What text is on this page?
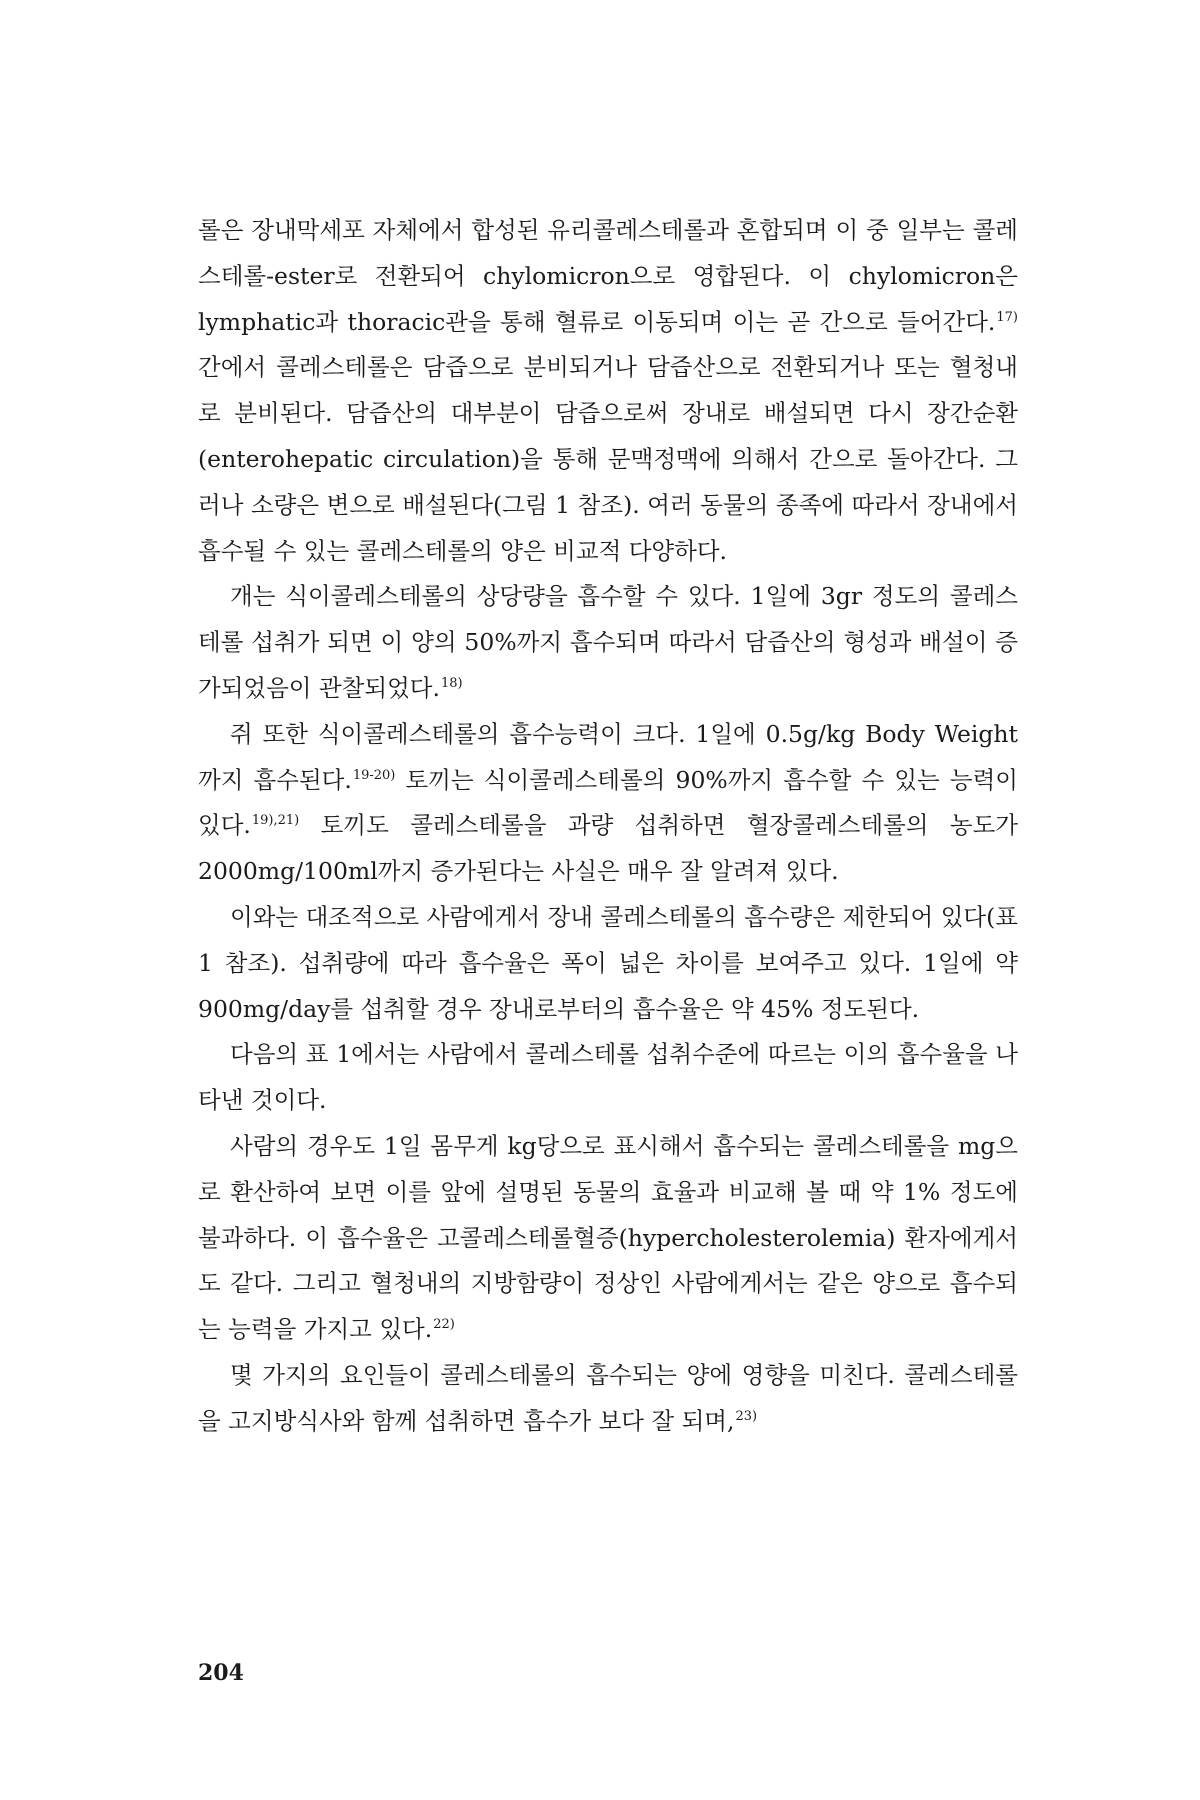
롤은 장내막세포 자체에서 합성된 유리콜레스테롤과 혼합되며 이 중 일부는 콜레스테롤-ester로 전환되어 chylomicron으로 영합된다. 이 chylomicron은 lymphatic과 thoracic관을 통해 혈류로 이동되며 이는 곧 간으로 들어간다.$^{17)}$ 간에서 콜레스테롤은 담즙으로 분비되거나 담즙산으로 전환되거나 또는 혈청내로 분비된다. 담즙산의 대부분이 담즙으로써 장내로 배설되면 다시 장간순환(enterohepatic circulation)을 통해 문맥정맥에 의해서 간으로 돌아간다. 그러나 소량은 변으로 배설된다(그림 1 참조). 여러 동물의 종족에 따라서 장내에서 흡수될 수 있는 콜레스테롤의 양은 비교적 다양하다.

개는 식이콜레스테롤의 상당량을 흡수할 수 있다. 1일에 3gr 정도의 콜레스테롤 섭취가 되면 이 양의 50%까지 흡수되며 따라서 담즙산의 형성과 배설이 증가되었음이 관찰되었다.$^{18)}$

쥐 또한 식이콜레스테롤의 흡수능력이 크다. 1일에 0.5g/kg Body Weight까지 흡수된다.$^{19-20)}$ 토끼는 식이콜레스테롤의 90%까지 흡수할 수 있는 능력이 있다.$^{19),21)}$ 토끼도 콜레스테롤을 과량 섭취하면 혈장콜레스테롤의 농도가 2000mg/100ml까지 증가된다는 사실은 매우 잘 알려져 있다.

이와는 대조적으로 사람에게서 장내 콜레스테롤의 흡수량은 제한되어 있다(표 1 참조). 섭취량에 따라 흡수율은 폭이 넓은 차이를 보여주고 있다. 1일에 약 900mg/day를 섭취할 경우 장내로부터의 흡수율은 약 45% 정도된다.

다음의 표 1에서는 사람에서 콜레스테롤 섭취수준에 따르는 이의 흡수율을 나타낸 것이다.

사람의 경우도 1일 몸무게 kg당으로 표시해서 흡수되는 콜레스테롤을 mg으로 환산하여 보면 이를 앞에 설명된 동물의 효율과 비교해 볼 때 약 1% 정도에 불과하다. 이 흡수율은 고콜레스테롤혈증(hypercholesterolemia) 환자에게서도 같다. 그리고 혈청내의 지방함량이 정상인 사람에게서는 같은 양으로 흡수되는 능력을 가지고 있다.$^{22)}$

몇 가지의 요인들이 콜레스테롤의 흡수되는 양에 영향을 미친다. 콜레스테롤을 고지방식사와 함께 섭취하면 흡수가 보다 잘 되며,$^{23)}$

204
